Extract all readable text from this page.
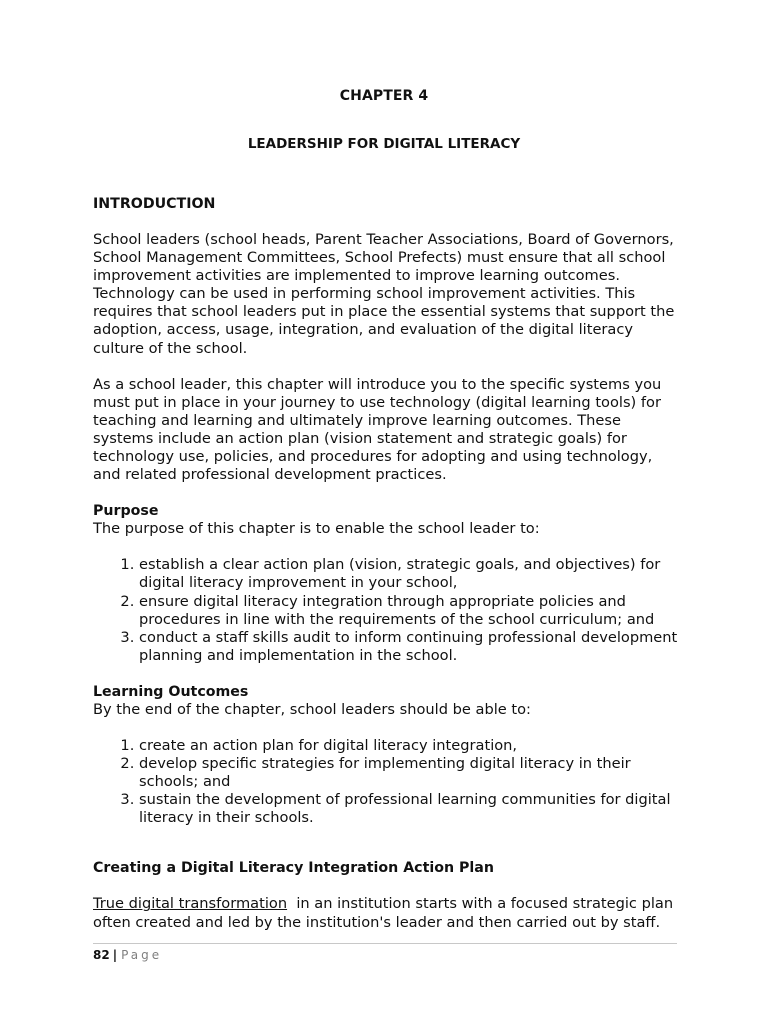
CHAPTER 4
LEADERSHIP FOR DIGITAL LITERACY
INTRODUCTION

School leaders (school heads, Parent Teacher Associations, Board of Governors, School Management Committees, School Prefects) must ensure that all school improvement activities are implemented to improve learning outcomes. Technology can be used in performing school improvement activities. This requires that school leaders put in place the essential systems that support the adoption, access, usage, integration, and evaluation of the digital literacy culture of the school.

As a school leader, this chapter will introduce you to the specific systems you must put in place in your journey to use technology (digital learning tools) for teaching and learning and ultimately improve learning outcomes. These systems include an action plan (vision statement and strategic goals) for technology use, policies, and procedures for adopting and using technology, and related professional development practices.

Purpose

The purpose of this chapter is to enable the school leader to:

1. establish a clear action plan (vision, strategic goals, and objectives) for digital literacy improvement in your school,
2. ensure digital literacy integration through appropriate policies and procedures in line with the requirements of the school curriculum; and
3. conduct a staff skills audit to inform continuing professional development planning and implementation in the school.
Learning Outcomes

By the end of the chapter, school leaders should be able to:

1. create an action plan for digital literacy integration,
2. develop specific strategies for implementing digital literacy in their schools; and
3. sustain the development of professional learning communities for digital literacy in their schools.
Creating a Digital Literacy Integration Action Plan

True digital transformation  in an institution starts with a focused strategic plan often created and led by the institution's leader and then carried out by staff.

82 | Page
